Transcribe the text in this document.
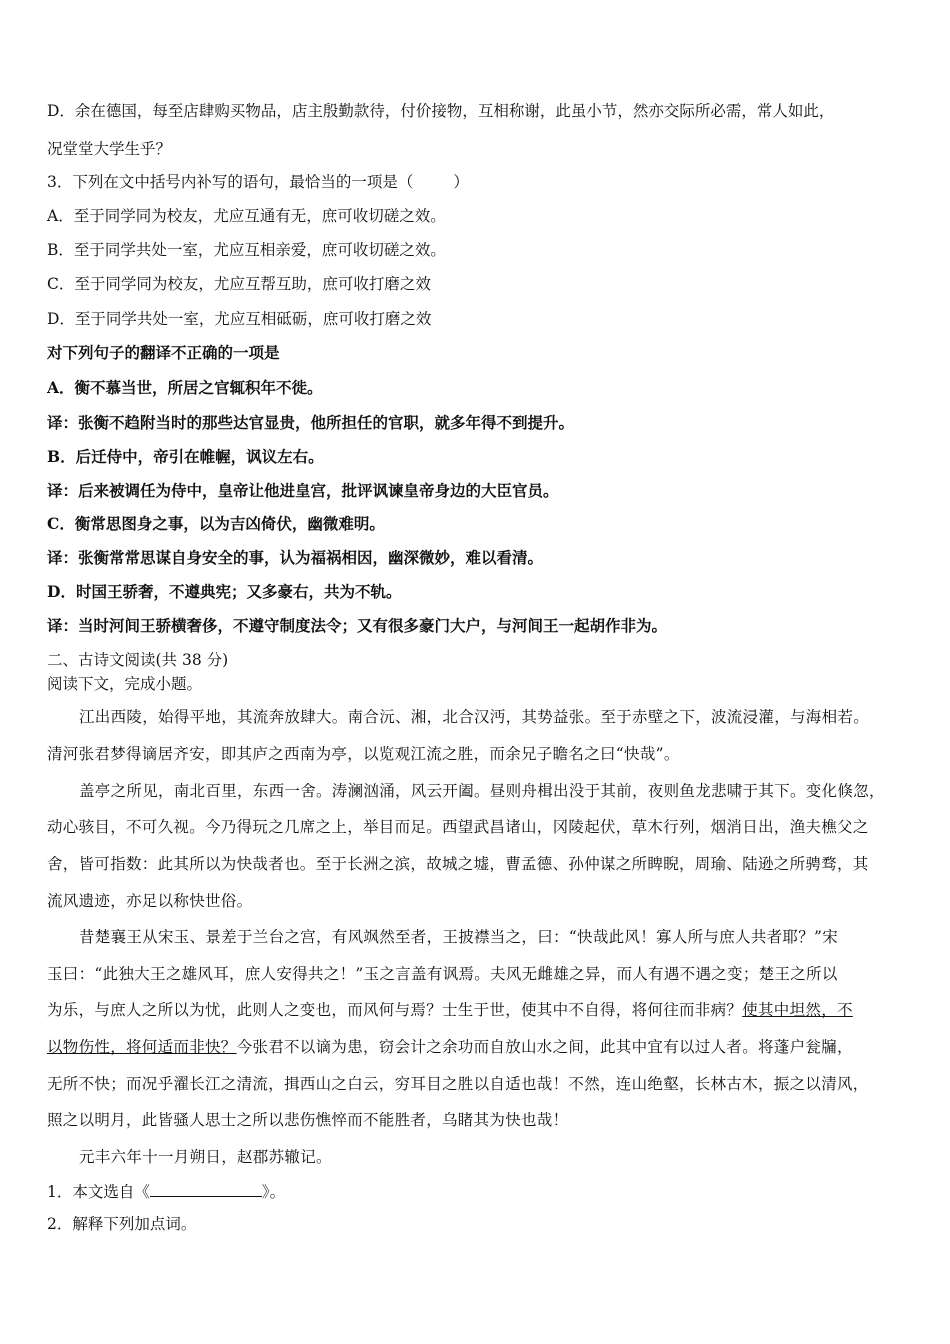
D．余在德国，每至店肆购买物品，店主殷勤款待，付价接物，互相称谢，此虽小节，然亦交际所必需，常人如此，
况堂堂大学生乎？
3．下列在文中括号内补写的语句，最恰当的一项是（	）
A．至于同学同为校友，尤应互通有无，庶可收切磋之效。
B．至于同学共处一室，尤应互相亲爱，庶可收切磋之效。
C．至于同学同为校友，尤应互帮互助，庶可收打磨之效
D．至于同学共处一室，尤应互相砥砺，庶可收打磨之效
对下列句子的翻译不正确的一项是
A．衡不慕当世，所居之官辄积年不徙。
译：张衡不趋附当时的那些达官显贵，他所担任的官职，就多年得不到提升。
B．后迁侍中，帝引在帷幄，讽议左右。
译：后来被调任为侍中，皇帝让他进皇宫，批评讽谏皇帝身边的大臣官员。
C．衡常思图身之事，以为吉凶倚伏，幽微难明。
译：张衡常常思谋自身安全的事，认为福祸相因，幽深微妙，难以看清。
D．时国王骄奢，不遵典宪；又多豪右，共为不轨。
译：当时河间王骄横奢侈，不遵守制度法令；又有很多豪门大户，与河间王一起胡作非为。
二、古诗文阅读(共 38 分)
阅读下文，完成小题。
江出西陵，始得平地，其流奔放肆大。南合沅、湘，北合汉沔，其势益张。至于赤壁之下，波流浸灌，与海相若。
清河张君梦得谪居齐安，即其庐之西南为亭，以览观江流之胜，而余兄子瞻名之曰“快哉”。
盖亭之所见，南北百里，东西一舍。涛澜汹涌，风云开阖。昼则舟楫出没于其前，夜则鱼龙悲啸于其下。变化倏忽，
动心骇目，不可久视。今乃得玩之几席之上，举目而足。西望武昌诸山，冈陵起伏，草木行列，烟消日出，渔夫樵父之
舍，皆可指数：此其所以为快哉者也。至于长洲之滨，故城之墟，曹孟德、孙仲谋之所睥睨，周瑜、陆逊之所骋骛，其
流风遗迹，亦足以称快世俗。
昔楚襄王从宋玉、景差于兰台之宫，有风飒然至者，王披襟当之，曰：“快哉此风！寡人所与庶人共者耶？”宋
玉曰：“此独大王之雄风耳，庶人安得共之！”玉之言盖有讽焉。夫风无雌雄之异，而人有遇不遇之变；楚王之所以
为乐，与庶人之所以为忧，此则人之变也，而风何与焉？士生于世，使其中不自得，将何往而非病？使其中坦然，不
以物伤性，将何适而非快？今张君不以谪为患，窃会计之余功而自放山水之间，此其中宜有以过人者。将蓬户瓮牖，
无所不快；而况乎濯长江之清流，揖西山之白云，穷耳目之胜以自适也哉！不然，连山绝壑，长林古木，振之以清风，
照之以明月，此皆骚人思士之所以悲伤憔悴而不能胜者，乌睹其为快也哉！
元丰六年十一月朔日，赵郡苏辙记。
1．本文选自《	》。
2．解释下列加点词。
